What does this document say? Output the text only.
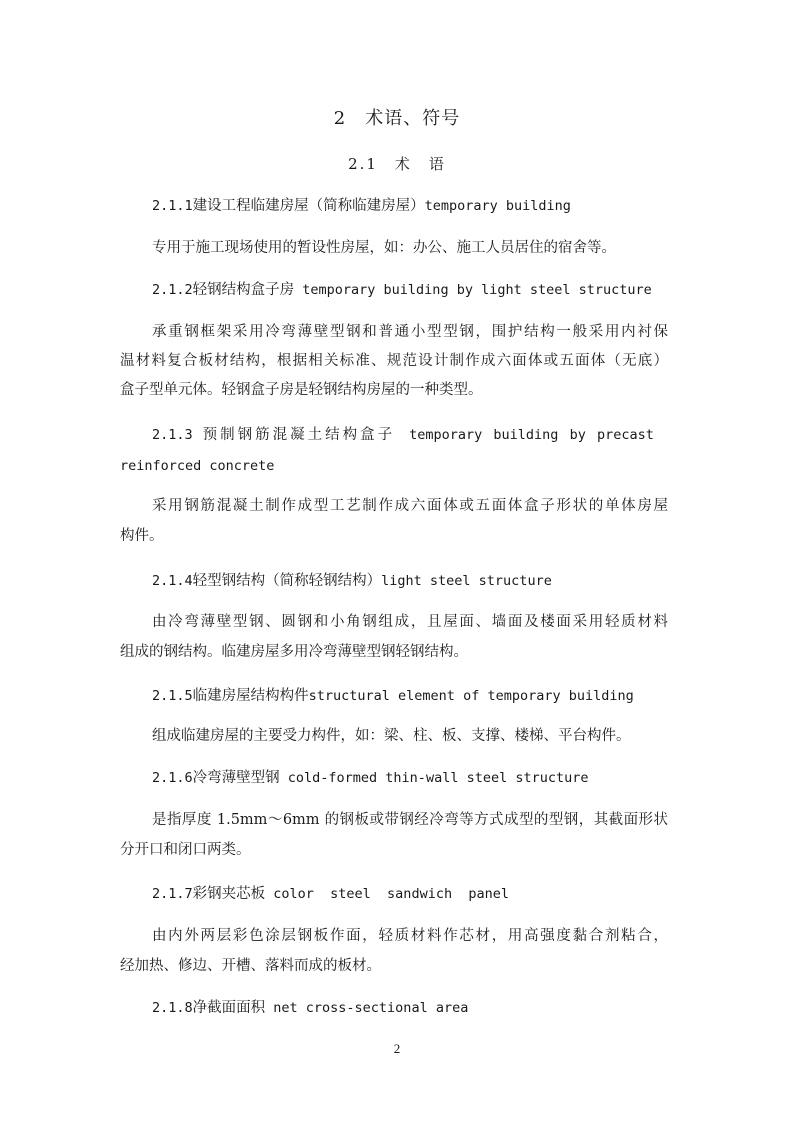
2　术语、符号
2.1　术　语
2.1.1建设工程临建房屋（简称临建房屋）temporary building
专用于施工现场使用的暂设性房屋，如：办公、施工人员居住的宿舍等。
2.1.2轻钢结构盒子房 temporary building by light steel structure
承重钢框架采用冷弯薄壁型钢和普通小型型钢，围护结构一般采用内衬保
温材料复合板材结构，根据相关标准、规范设计制作成六面体或五面体（无底）
盒子型单元体。轻钢盒子房是轻钢结构房屋的一种类型。
2.1.3 预制钢筋混凝土结构盒子 temporary building by precast
reinforced concrete
采用钢筋混凝土制作成型工艺制作成六面体或五面体盒子形状的单体房屋
构件。
2.1.4轻型钢结构（简称轻钢结构）light steel structure
由冷弯薄壁型钢、圆钢和小角钢组成，且屋面、墙面及楼面采用轻质材料
组成的钢结构。临建房屋多用冷弯薄壁型钢轻钢结构。
2.1.5临建房屋结构构件structural element of temporary building
组成临建房屋的主要受力构件，如：梁、柱、板、支撑、楼梯、平台构件。
2.1.6冷弯薄壁型钢 cold-formed thin-wall steel structure
是指厚度 1.5mm～6mm 的钢板或带钢经冷弯等方式成型的型钢，其截面形状
分开口和闭口两类。
2.1.7彩钢夹芯板 color  steel  sandwich  panel
由内外两层彩色涂层钢板作面，轻质材料作芯材，用高强度黏合剂粘合，
经加热、修边、开槽、落料而成的板材。
2.1.8净截面面积 net cross-sectional area
2
